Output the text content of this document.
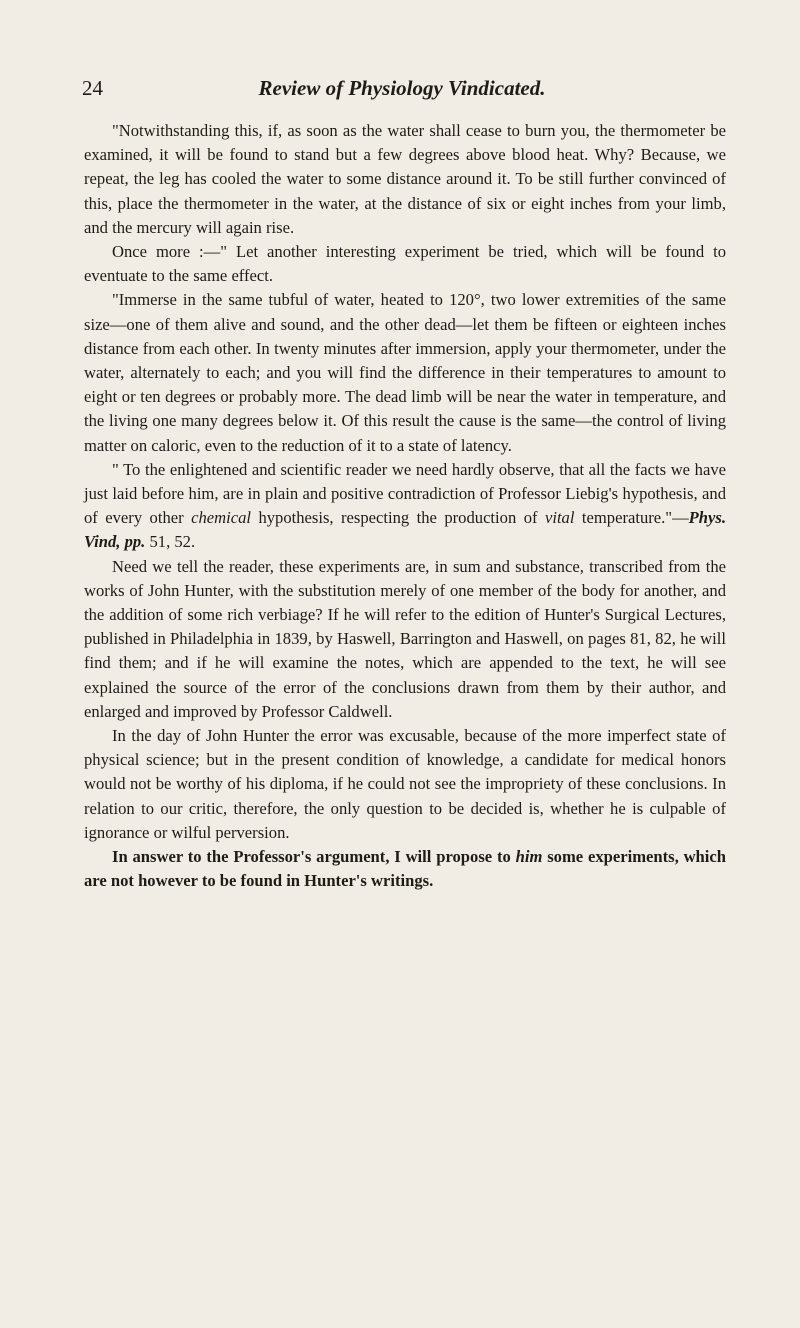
24	Review of Physiology Vindicated.

"Notwithstanding this, if, as soon as the water shall cease to burn you, the thermometer be examined, it will be found to stand but a few degrees above blood heat. Why? Because, we repeat, the leg has cooled the water to some distance around it. To be still further convinced of this, place the thermometer in the water, at the distance of six or eight inches from your limb, and the mercury will again rise.

Once more :—" Let another interesting experiment be tried, which will be found to eventuate to the same effect.

"Immerse in the same tubful of water, heated to 120°, two lower extremities of the same size—one of them alive and sound, and the other dead—let them be fifteen or eighteen inches distance from each other. In twenty minutes after immersion, apply your thermometer, under the water, alternately to each; and you will find the difference in their temperatures to amount to eight or ten degrees or probably more. The dead limb will be near the water in temperature, and the living one many degrees below it. Of this result the cause is the same—the control of living matter on caloric, even to the reduction of it to a state of latency.

" To the enlightened and scientific reader we need hardly observe, that all the facts we have just laid before him, are in plain and positive contradiction of Professor Liebig's hypothesis, and of every other chemical hypothesis, respecting the production of vital temperature."—Phys. Vind, pp. 51, 52.

Need we tell the reader, these experiments are, in sum and substance, transcribed from the works of John Hunter, with the substitution merely of one member of the body for another, and the addition of some rich verbiage? If he will refer to the edition of Hunter's Surgical Lectures, published in Philadelphia in 1839, by Haswell, Barrington and Haswell, on pages 81, 82, he will find them; and if he will examine the notes, which are appended to the text, he will see explained the source of the error of the conclusions drawn from them by their author, and enlarged and improved by Professor Caldwell.

In the day of John Hunter the error was excusable, because of the more imperfect state of physical science; but in the present condition of knowledge, a candidate for medical honors would not be worthy of his diploma, if he could not see the impropriety of these conclusions. In relation to our critic, therefore, the only question to be decided is, whether he is culpable of ignorance or wilful perversion.

In answer to the Professor's argument, I will propose to him some experiments, which are not however to be found in Hunter's writings.
